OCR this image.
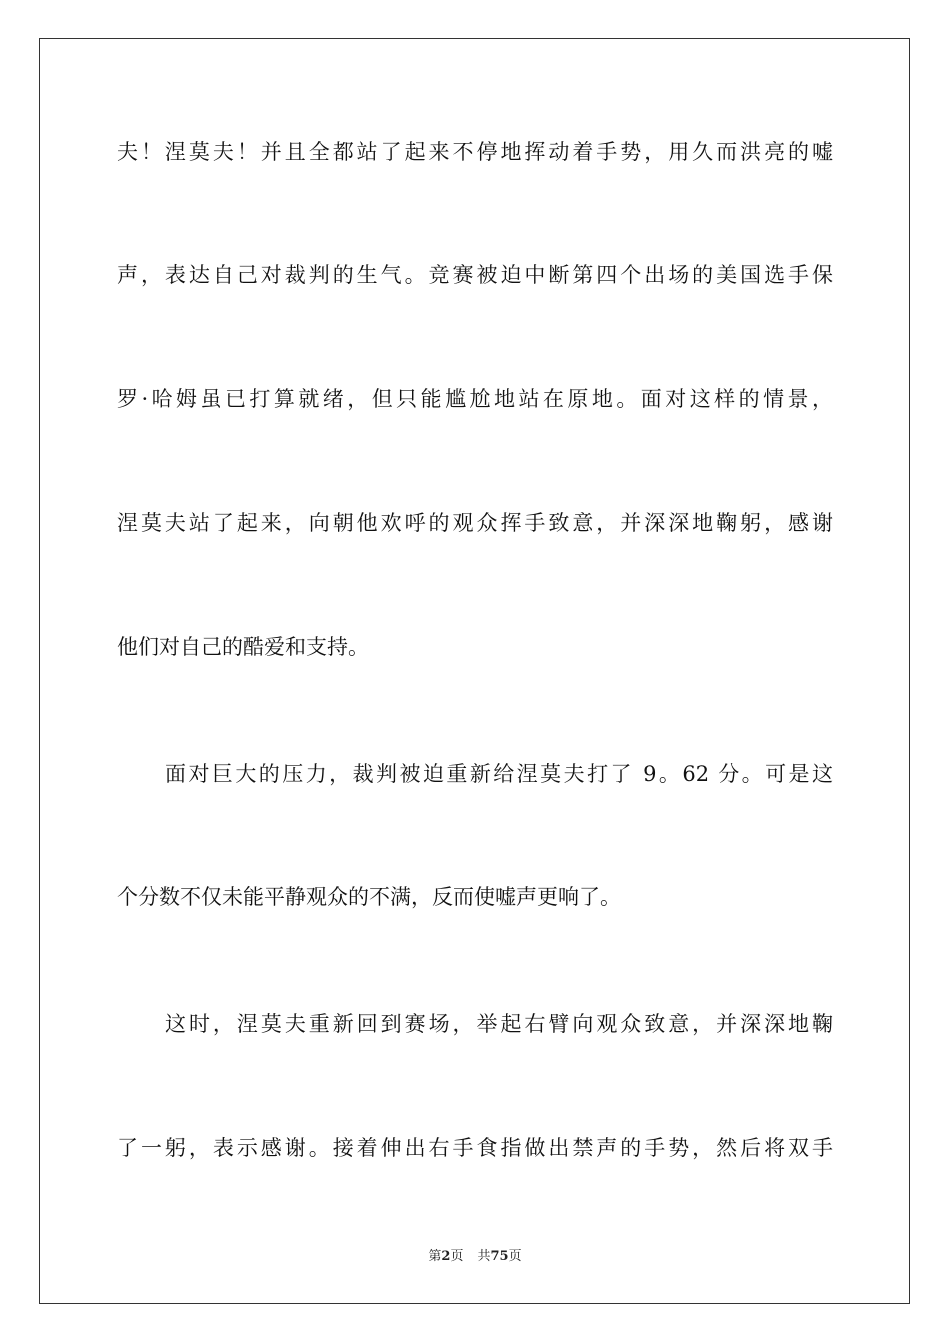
夫！涅莫夫！并且全都站了起来不停地挥动着手势，用久而洪亮的嘘
声，表达自己对裁判的生气。竞赛被迫中断第四个出场的美国选手保
罗·哈姆虽已打算就绪，但只能尴尬地站在原地。面对这样的情景，
涅莫夫站了起来，向朝他欢呼的观众挥手致意，并深深地鞠躬，感谢
他们对自己的酷爱和支持。
面对巨大的压力，裁判被迫重新给涅莫夫打了 9。62 分。可是这
个分数不仅未能平静观众的不满，反而使嘘声更响了。
这时，涅莫夫重新回到赛场，举起右臂向观众致意，并深深地鞠
了一躬，表示感谢。接着伸出右手食指做出禁声的手势，然后将双手
第2页 共75页
